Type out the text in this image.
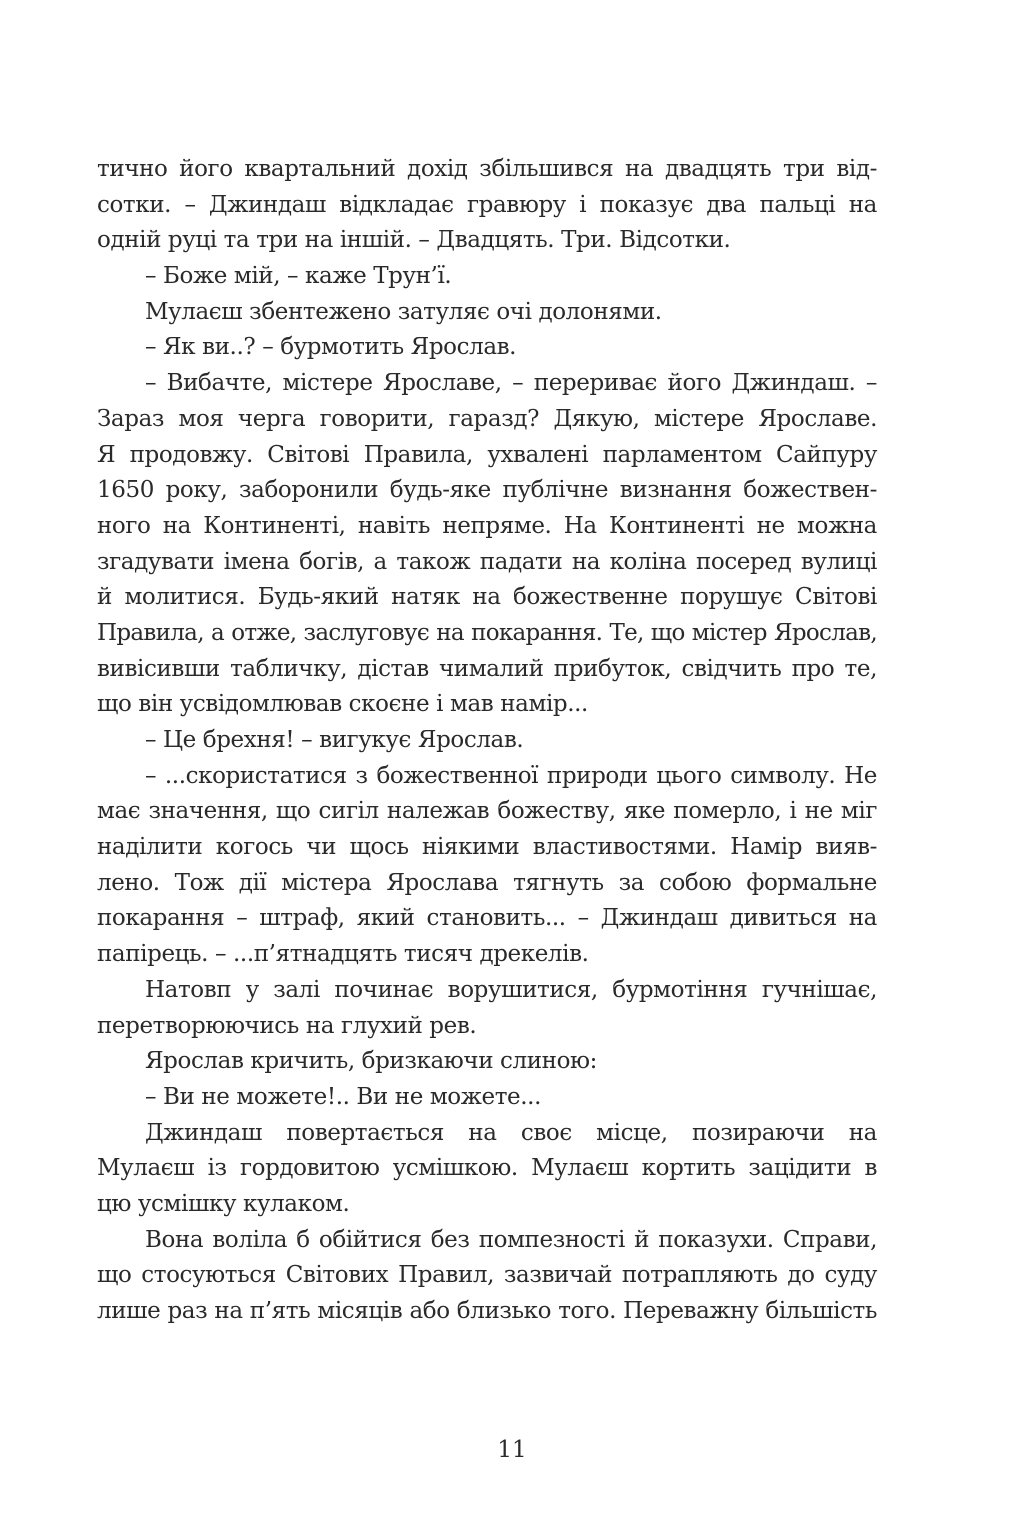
тично його квартальний дохід збільшився на двадцять три від-
сотки. – Джиндаш відкладає гравюру і показує два пальці на
одній руці та три на іншій. – Двадцять. Три. Відсотки.
– Боже мій, – каже Трун’ї.
Мулаєш збентежено затуляє очі долонями.
– Як ви..? – бурмотить Ярослав.
– Вибачте, містере Ярославе, – перериває його Джиндаш. –
Зараз моя черга говорити, гаразд? Дякую, містере Ярославе.
Я продовжу. Світові Правила, ухвалені парламентом Сайпуру
1650 року, заборонили будь-яке публічне визнання божествен-
ного на Континенті, навіть непряме. На Континенті не можна
згадувати імена богів, а також падати на коліна посеред вулиці
й молитися. Будь-який натяк на божественне порушує Світові
Правила, а отже, заслуговує на покарання. Те, що містер Ярослав,
вивісивши табличку, дістав чималий прибуток, свідчить про те,
що він усвідомлював скоєне і мав намір...
– Це брехня! – вигукує Ярослав.
– ...скористатися з божественної природи цього символу. Не
має значення, що сигіл належав божеству, яке померло, і не міг
наділити когось чи щось ніякими властивостями. Намір вияв-
лено. Тож дії містера Ярослава тягнуть за собою формальне
покарання – штраф, який становить... – Джиндаш дивиться на
папірець. – ...п’ятнадцять тисяч дрекелів.
Натовп у залі починає ворушитися, бурмотіння гучнішає,
перетворюючись на глухий рев.
Ярослав кричить, бризкаючи слиною:
– Ви не можете!.. Ви не можете...
Джиндаш повертається на своє місце, позираючи на
Мулаєш із гордовитою усмішкою. Мулаєш кортить зацідити в
цю усмішку кулаком.
Вона воліла б обійтися без помпезності й показухи. Справи,
що стосуються Світових Правил, зазвичай потрапляють до суду
лише раз на п’ять місяців або близько того. Переважну більшість
11
